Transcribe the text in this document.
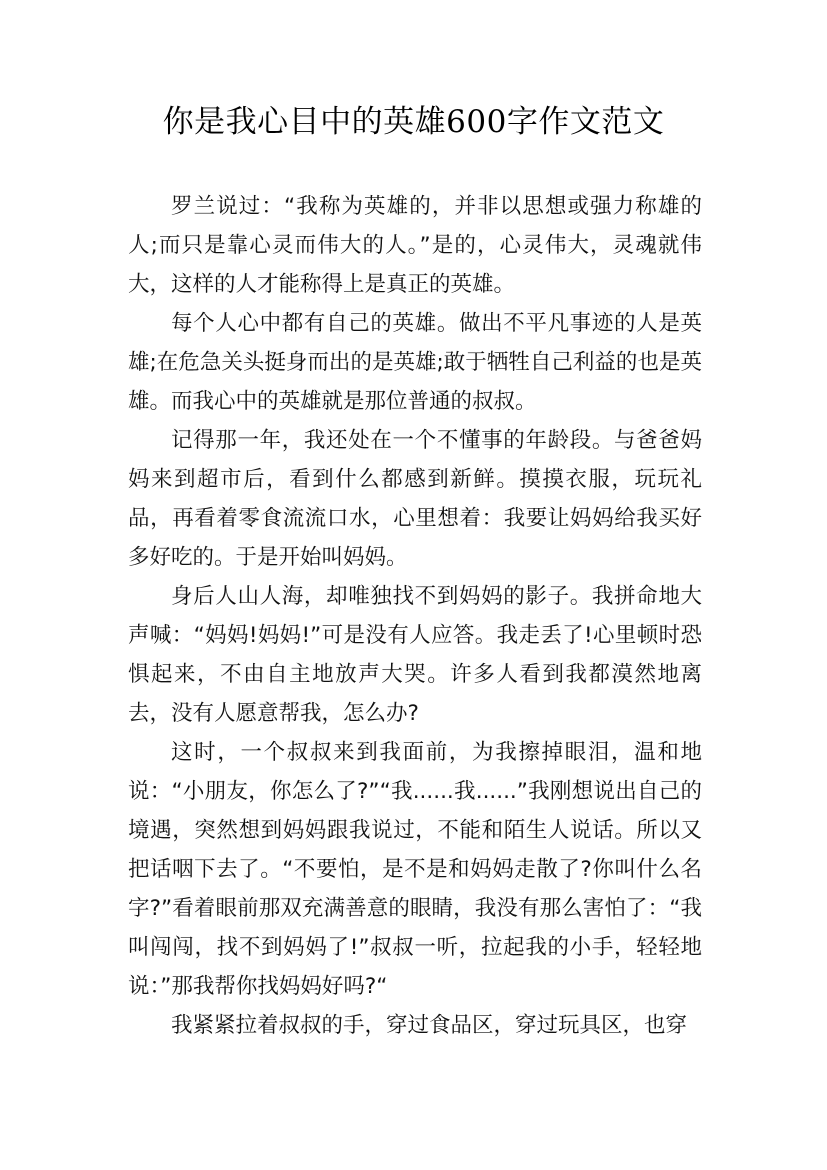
你是我心目中的英雄600字作文范文

罗兰说过：“我称为英雄的，并非以思想或强力称雄的人;而只是靠心灵而伟大的人。”是的，心灵伟大，灵魂就伟大，这样的人才能称得上是真正的英雄。

每个人心中都有自己的英雄。做出不平凡事迹的人是英雄;在危急关头挺身而出的是英雄;敢于牺牲自己利益的也是英雄。而我心中的英雄就是那位普通的叔叔。

记得那一年，我还处在一个不懂事的年龄段。与爸爸妈妈来到超市后，看到什么都感到新鲜。摸摸衣服，玩玩礼品，再看着零食流流口水，心里想着：我要让妈妈给我买好多好吃的。于是开始叫妈妈。

身后人山人海，却唯独找不到妈妈的影子。我拼命地大声喊：“妈妈!妈妈!”可是没有人应答。我走丢了!心里顿时恐惧起来，不由自主地放声大哭。许多人看到我都漠然地离去，没有人愿意帮我，怎么办?

这时，一个叔叔来到我面前，为我擦掉眼泪，温和地说：“小朋友，你怎么了?”“我......我......”我刚想说出自己的境遇，突然想到妈妈跟我说过，不能和陌生人说话。所以又把话咽下去了。“不要怕，是不是和妈妈走散了?你叫什么名字?”看着眼前那双充满善意的眼睛，我没有那么害怕了：“我叫闯闯，找不到妈妈了!”叔叔一听，拉起我的小手，轻轻地说：”那我帮你找妈妈好吗?“

我紧紧拉着叔叔的手，穿过食品区，穿过玩具区，也穿
